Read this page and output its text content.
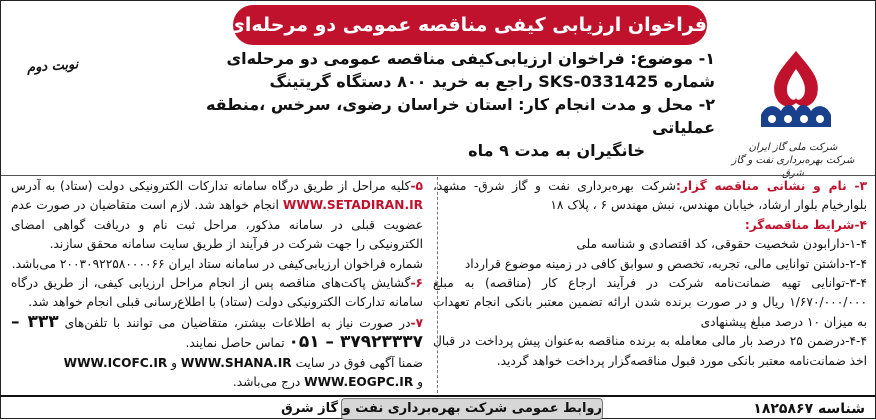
فراخوان ارزیابی کیفی مناقصه عمومی دو مرحله‌ای شماره SKS-0331425
شرکت ملی گاز ایران
شرکت بهره‌برداری نفت و گاز شرق
نوبت دوم	۱- موضوع: فراخوان ارزیابی‌کیفی مناقصه عمومی دو مرحله‌ای

شماره SKS-0331425 راجع به خرید ۸۰۰ دستگاه گریتینگ

۲- محل و مدت انجام کار: استان خراسان رضوی، سرخس ،منطقه عملیاتی

خانگیران به مدت ۹ ماه

۳- نام و نشانی مناقصه گزار:شرکت بهره‌برداری نفت و گاز شرق- مشهد، بلوارخیام بلوار ارشاد، خیابان مهندس، نبش مهندس ۶ ، پلاک ۱۸

۴-شرایط مناقصه‌گر:

۱-۴-دارابودن شخصیت حقوقی، کد اقتصادی و شناسه ملی

۲-۴-داشتن توانایی مالی، تجربه، تخصص و سوابق کافی در زمینه موضوع قرارداد

۳-۴-توانایی تهیه ضمانت‌نامه شرکت در فرآیند ارجاع کار (مناقصه) به مبلغ ۱/۶۷۰/۰۰۰/۰۰۰ ریال و در صورت برنده شدن ارائه تضمین معتبر بانکی انجام تعهدات به میزان ۱۰ درصد مبلغ پیشنهادی

۴-۴-درضمن ۲۵ درصد بار مالی معامله به برنده مناقصه به‌عنوان پیش پرداخت در قبال اخذ ضمانت‌نامه معتبر بانکی مورد قبول مناقصه‌گزار پرداخت خواهد گردید.

۵-کلیه مراحل از طریق درگاه سامانه تدارکات الکترونیکی دولت (ستاد) به آدرس WWW.SETADIRAN.IR انجام خواهد شد. لازم است متقاضیان در صورت عدم عضویت قبلی در سامانه مذکور، مراحل ثبت نام و دریافت گواهی امضای الکترونیکی را جهت شرکت در فرآیند از طریق سایت سامانه محقق سازند.

شماره فراخوان ارزیابی‌کیفی در سامانه ستاد ایران ۲۰۰۳۰۹۲۲۵۸۰۰۰۰۶۶ می‌باشد.

۶-گشایش پاکت‌های مناقصه پس از انجام مراحل ارزیابی کیفی، از طریق درگاه سامانه تدارکات الکترونیکی دولت (ستاد) با اطلاع‌رسانی قبلی انجام خواهد شد.

۷-در صورت نیاز به اطلاعات بیشتر، متقاضیان می توانند با تلفن‌های ۳۳۳ – ۳۷۹۲۳۳۳۷ – ۰۵۱ تماس حاصل نمایند.

ضمنا آگهی فوق در سایت WWW.SHANA.IR و WWW.ICOFC.IR

و WWW.EOGPC.IR درج می‌باشد.

روابط عمومی شرکت بهره‌برداری نفت و گاز شرق	شناسه ۱۸۲۵۸۶۷
